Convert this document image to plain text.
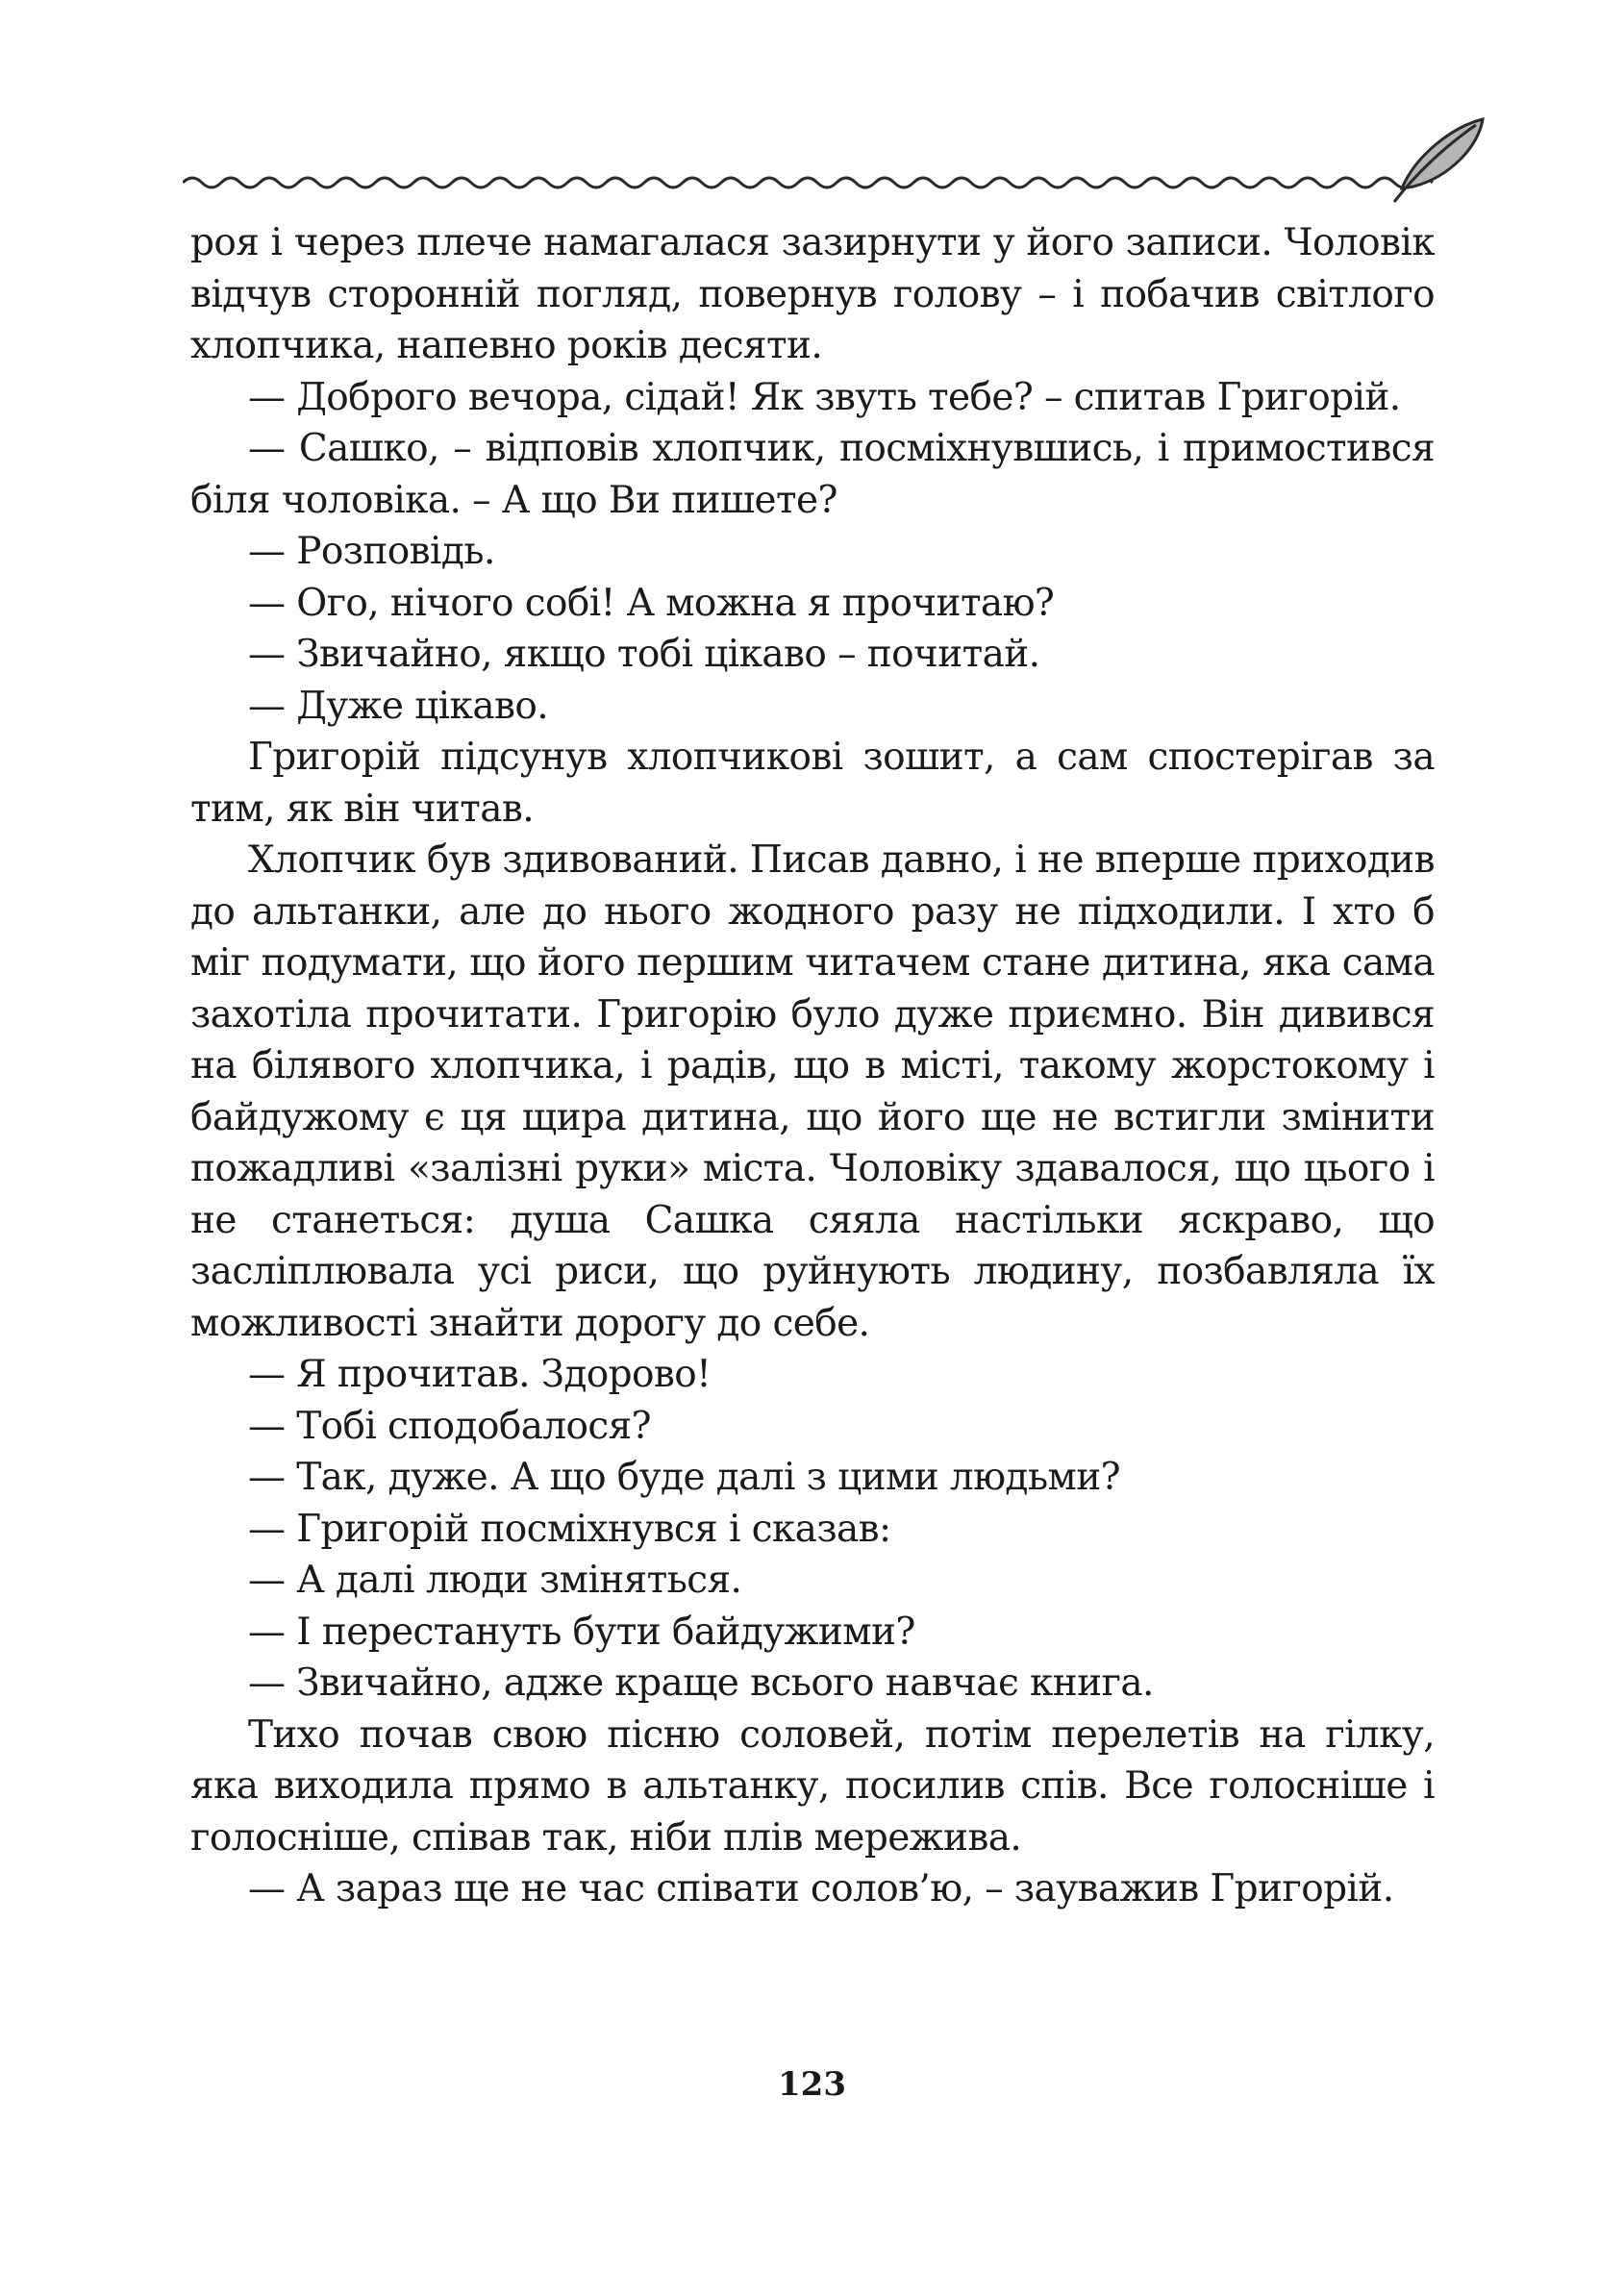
роя і через плече намагалася зазирнути у його записи. Чоловік відчув сторонній погляд, повернув голову – і побачив світлого хлопчика, напевно років десяти.

— Доброго вечора, сідай! Як звуть тебе? – спитав Григорій.

— Сашко, – відповів хлопчик, посміхнувшись, і примостився біля чоловіка. – А що Ви пишете?

— Розповідь.

— Ого, нічого собі! А можна я прочитаю?

— Звичайно, якщо тобі цікаво – почитай.

— Дуже цікаво.

Григорій підсунув хлопчикові зошит, а сам спостерігав за тим, як він читав.

Хлопчик був здивований. Писав давно, і не вперше приходив до альтанки, але до нього жодного разу не підходили. І хто б міг подумати, що його першим читачем стане дитина, яка сама захотіла прочитати. Григорію було дуже приємно. Він дивився на білявого хлопчика, і радів, що в місті, такому жорстокому і байдужому є ця щира дитина, що його ще не встигли змінити пожадливі «залізні руки» міста. Чоловіку здавалося, що цього і не станеться: душа Сашка сяяла настільки яскраво, що засліплювала усі риси, що руйнують людину, позбавляла їх можливості знайти дорогу до себе.

— Я прочитав. Здорово!

— Тобі сподобалося?

— Так, дуже. А що буде далі з цими людьми?

— Григорій посміхнувся і сказав:

— А далі люди зміняться.

— І перестануть бути байдужими?

— Звичайно, адже краще всього навчає книга.

Тихо почав свою пісню соловей, потім перелетів на гілку, яка виходила прямо в альтанку, посилив спів. Все голосніше і голосніше, співав так, ніби плів мережива.

— А зараз ще не час співати солов’ю, – зауважив Григорій.

123
